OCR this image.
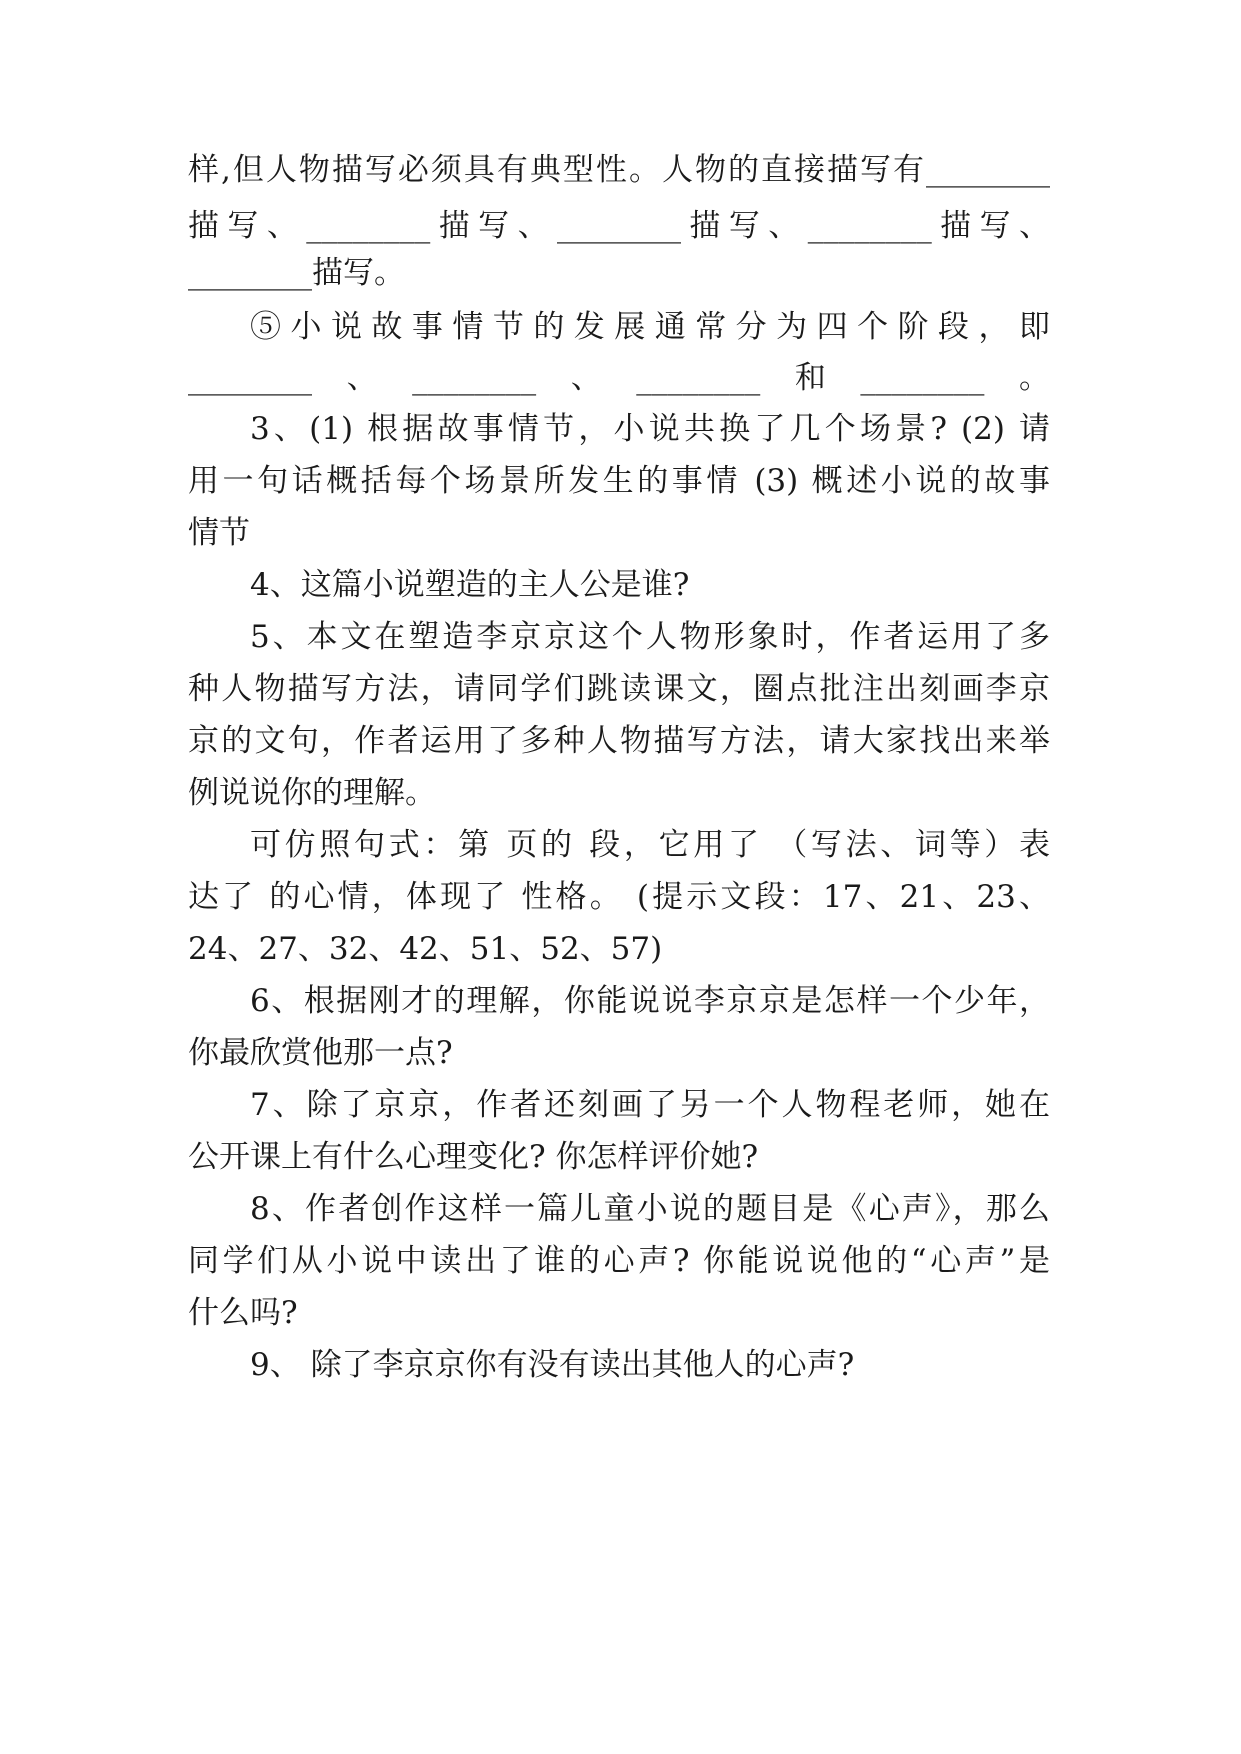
样,但人物描写必须具有典型性。人物的直接描写有________
描写、________描写、________描写、________描写、
________描写。
⑤小说故事情节的发展通常分为四个阶段，即
________、________、________和________。
3、(1) 根据故事情节，小说共换了几个场景? (2) 请
用一句话概括每个场景所发生的事情 (3) 概述小说的故事
情节
4、这篇小说塑造的主人公是谁?
5、本文在塑造李京京这个人物形象时，作者运用了多
种人物描写方法，请同学们跳读课文，圈点批注出刻画李京
京的文句，作者运用了多种人物描写方法，请大家找出来举
例说说你的理解。
可仿照句式：第 页的 段，它用了 （写法、词等）表
达了 的心情，体现了 性格。 (提示文段：17、21、23、
24、27、32、42、51、52、57)
6、根据刚才的理解，你能说说李京京是怎样一个少年，
你最欣赏他那一点?
7、除了京京，作者还刻画了另一个人物程老师，她在
公开课上有什么心理变化? 你怎样评价她?
8、作者创作这样一篇儿童小说的题目是《心声》，那么
同学们从小说中读出了谁的心声? 你能说说他的“心声”是
什么吗?
9、 除了李京京你有没有读出其他人的心声?
